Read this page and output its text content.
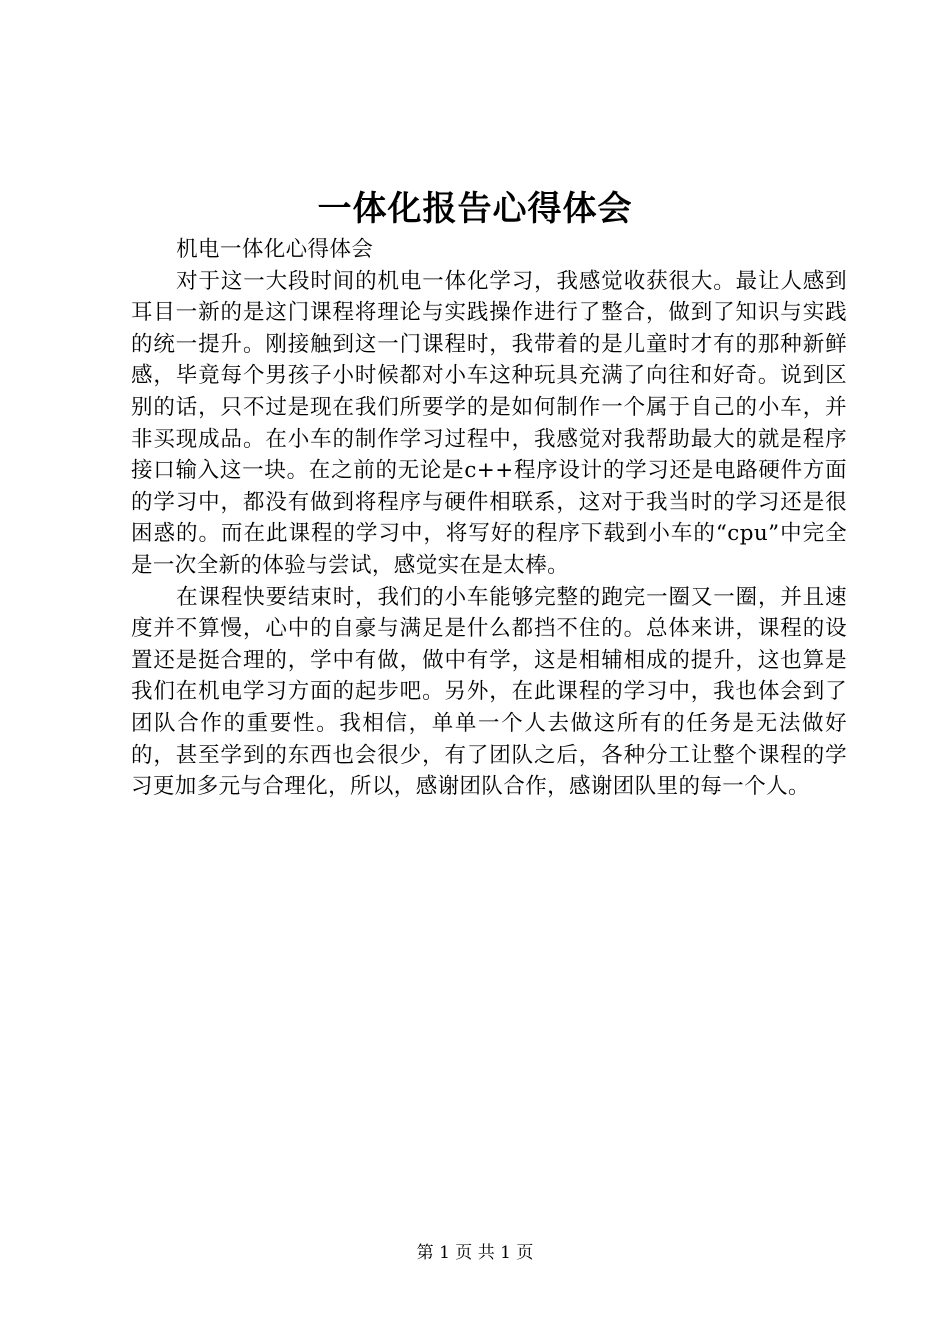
一体化报告心得体会

机电一体化心得体会

对于这一大段时间的机电一体化学习，我感觉收获很大。最让人感到耳目一新的是这门课程将理论与实践操作进行了整合，做到了知识与实践的统一提升。刚接触到这一门课程时，我带着的是儿童时才有的那种新鲜感，毕竟每个男孩子小时候都对小车这种玩具充满了向往和好奇。说到区别的话，只不过是现在我们所要学的是如何制作一个属于自己的小车，并非买现成品。在小车的制作学习过程中，我感觉对我帮助最大的就是程序接口输入这一块。在之前的无论是c++程序设计的学习还是电路硬件方面的学习中，都没有做到将程序与硬件相联系，这对于我当时的学习还是很困惑的。而在此课程的学习中，将写好的程序下载到小车的“cpu”中完全是一次全新的体验与尝试，感觉实在是太棒。

在课程快要结束时，我们的小车能够完整的跑完一圈又一圈，并且速度并不算慢，心中的自豪与满足是什么都挡不住的。总体来讲，课程的设置还是挺合理的，学中有做，做中有学，这是相辅相成的提升，这也算是我们在机电学习方面的起步吧。另外，在此课程的学习中，我也体会到了团队合作的重要性。我相信，单单一个人去做这所有的任务是无法做好的，甚至学到的东西也会很少，有了团队之后，各种分工让整个课程的学习更加多元与合理化，所以，感谢团队合作，感谢团队里的每一个人。

第 1 页 共 1 页
